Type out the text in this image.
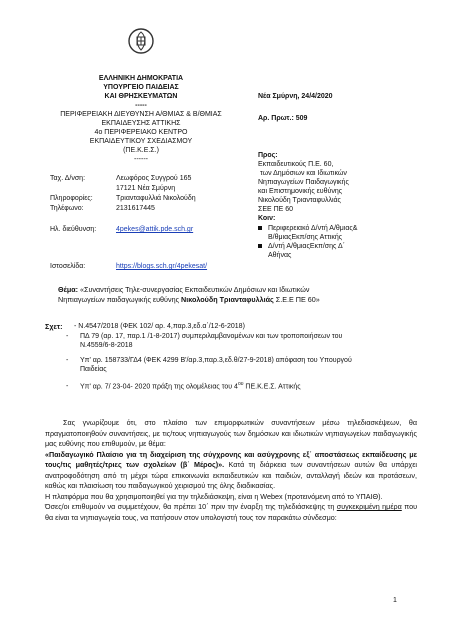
ΕΛΛΗΝΙΚΗ ΔΗΜΟΚΡΑΤΙΑ
ΥΠΟΥΡΓΕΙΟ ΠΑΙΔΕΙΑΣ
ΚΑΙ ΘΡΗΣΚΕΥΜΑΤΩΝ
-----
ΠΕΡΙΦΕΡΕΙΑΚΗ ΔΙΕΥΘΥΝΣΗ Α/ΘΜΙΑΣ & Β/ΘΜΙΑΣ
ΕΚΠΑΙΔΕΥΣΗΣ ΑΤΤΙΚΗΣ
4ο ΠΕΡΙΦΕΡΕΙΑΚΟ ΚΕΝΤΡΟ
ΕΚΠΑΙΔΕΥΤΙΚΟΥ ΣΧΕΔΙΑΣΜΟΥ
(ΠΕ.Κ.Ε.Σ.)
------
Νέα Σμύρνη, 24/4/2020
Αρ. Πρωτ.: 509
Προς:
Εκπαιδευτικούς Π.Ε. 60,
των Δημόσιων και Ιδιωτικών
Νηπιαγωγείων Παιδαγωγικής
και Επιστημονικής ευθύνης
Νικολούδη Τριανταφυλλιάς
ΣΕΕ ΠΕ 60
Ταχ. Δ/νση:	Λεωφόρος Συγγρού 165
17121 Νέα Σμύρνη
Πληροφορίες:	Τριανταφυλλιά Νικολούδη
Τηλέφωνο:	2131617445
Ηλ. διεύθυνση:	4pekes@attik.pde.sch.gr
Ιστοσελίδα:	https://blogs.sch.gr/4pekesat/
Κοιν:
Περιφερειακό Δ/ντή Α/θμιας&
Β/θμιαςΕκπ/σης Αττικής
Δ/ντή Α/θμιαςΕκπ/σης Δ΄
Αθήνας
Θέμα: «Συναντήσεις Τηλε-συνεργασίας Εκπαιδευτικών Δημόσιων και Ιδιωτικών
Νηπιαγωγείων παιδαγωγικής ευθύνης Νικολούδη Τριανταφυλλιάς Σ.Ε.Ε ΠΕ 60»
Σχετ: - Ν.4547/2018 (ΦΕΚ 102/ αρ. 4,παρ.3,εδ.α΄/12-6-2018)
- ΠΔ 79 (αρ. 17, παρ.1 /1-8-2017) συμπεριλαμβανομένων και των τροποποιήσεων του
Ν.4559/6-8-2018
- Υπ' αρ. 158733/ΓΔ4 (ΦΕΚ 4299 Β'/αρ.3,παρ.3,εδ.θ/27-9-2018) απόφαση του Υπουργού
Παιδείας
- Υπ' αρ. 7/ 23-04- 2020 πράξη της ολομέλειας του $4^{o\upsilon}$ ΠΕ.Κ.Ε.Σ. Αττικής
Σας γνωρίζουμε ότι, στο πλαίσιο των επιμορφωτικών συναντήσεων μέσω τηλεδιασκέψεων, θα πραγματοποιηθούν συναντήσεις, με τις/τους νηπιαγωγούς των δημόσιων και ιδιωτικών νηπιαγωγείων παιδαγωγικής μας ευθύνης που επιθυμούν, με θέμα:
«Παιδαγωγικό Πλαίσιο για τη διαχείριση της σύγχρονης και ασύγχρονης εξ΄ αποστάσεως εκπαίδευσης με τους/τις μαθητές/τριες των σχολείων (β΄ Μέρος)». Κατά τη διάρκεια των συναντήσεων αυτών θα υπάρχει ανατροφοδότηση από τη μέχρι τώρα επικοινωνία εκπαιδευτικών και παιδιών, ανταλλαγή ιδεών και προτάσεων, καθώς και πλαισίωση του παιδαγωγικού χειρισμού της όλης διαδικασίας.
Η πλατφόρμα που θα χρησιμοποιηθεί για την τηλεδιάσκεψη, είναι η Webex (προτεινόμενη από το ΥΠΑΙΘ).
Όσες/οι επιθυμούν να συμμετέχουν, θα πρέπει 10΄ πριν την έναρξη της τηλεδιάσκεψης τη συγκεκριμένη ημέρα που θα είναι τα νηπιαγωγεία τους, να πατήσουν στον υπολογιστή τους τον παρακάτω σύνδεσμο:
1
